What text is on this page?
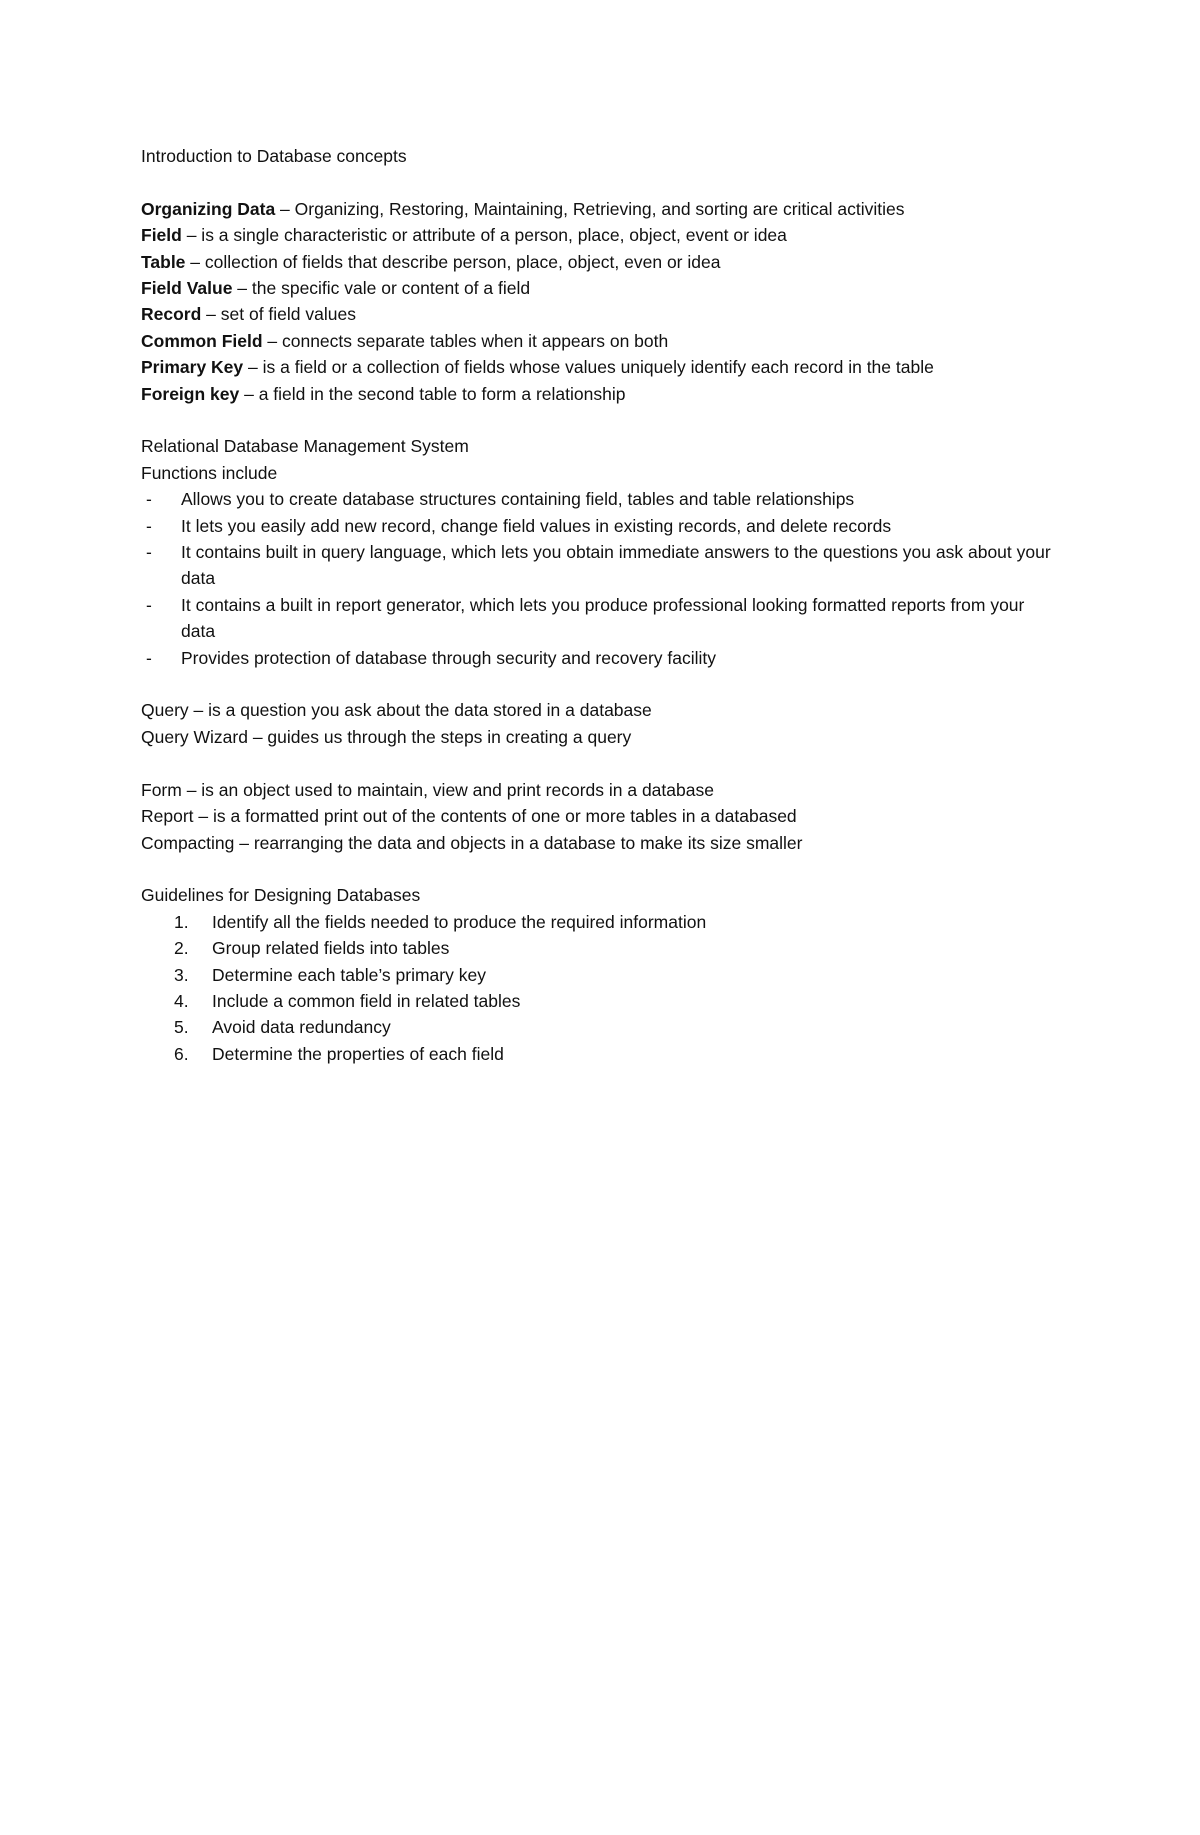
Introduction to Database concepts

Organizing Data – Organizing, Restoring, Maintaining, Retrieving, and sorting are critical activities

Field – is a single characteristic or attribute of a person, place, object, event or idea

Table – collection of fields that describe person, place, object, even or idea

Field Value – the specific vale or content of a field

Record – set of field values

Common Field – connects separate tables when it appears on both

Primary Key – is a field or a collection of fields whose values uniquely identify each record in the table

Foreign key – a field in the second table to form a relationship

Relational Database Management System

Functions include

- Allows you to create database structures containing field, tables and table relationships
- It lets you easily add new record, change field values in existing records, and delete records
- It contains built in query language, which lets you obtain immediate answers to the questions you ask about your data
- It contains a built in report generator, which lets you produce professional looking formatted reports from your data
- Provides protection of database through security and recovery facility

Query – is a question you ask about the data stored in a database

Query Wizard – guides us through the steps in creating a query

Form – is an object used to maintain, view and print records in a database

Report – is a formatted print out of the contents of one or more tables in a databased

Compacting – rearranging the data and objects in a database to make its size smaller

Guidelines for Designing Databases

1. Identify all the fields needed to produce the required information
2. Group related fields into tables
3. Determine each table’s primary key
4. Include a common field in related tables
5. Avoid data redundancy
6. Determine the properties of each field
